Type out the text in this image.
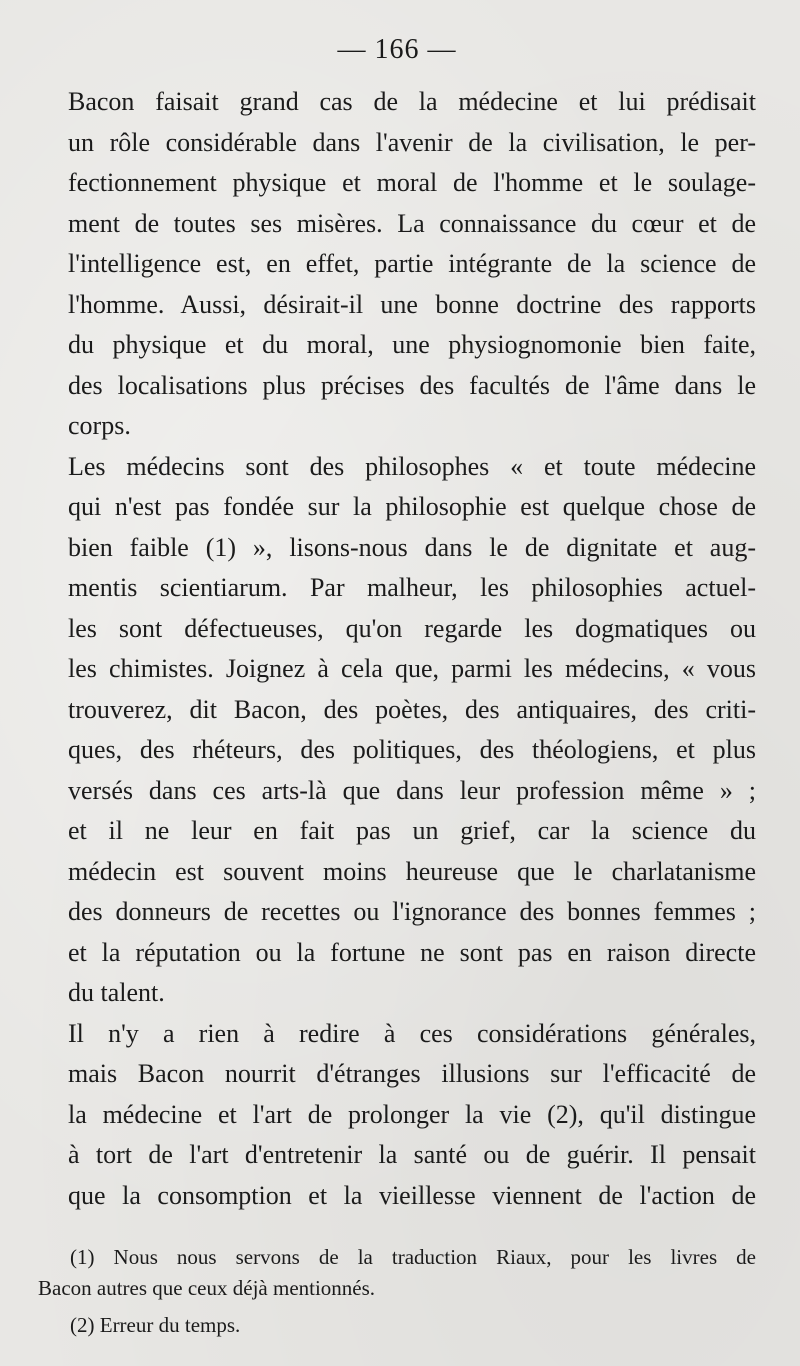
— 166 —

Bacon faisait grand cas de la médecine et lui prédisait
un rôle considérable dans l'avenir de la civilisation, le per-
fectionnement physique et moral de l'homme et le soulage-
ment de toutes ses misères. La connaissance du cœur et de
l'intelligence est, en effet, partie intégrante de la science de
l'homme. Aussi, désirait-il une bonne doctrine des rapports
du physique et du moral, une physiognomonie bien faite,
des localisations plus précises des facultés de l'âme dans le
corps.

Les médecins sont des philosophes « et toute médecine
qui n'est pas fondée sur la philosophie est quelque chose de
bien faible (1) », lisons-nous dans le de dignitate et aug-
mentis scientiarum. Par malheur, les philosophies actuel-
les sont défectueuses, qu'on regarde les dogmatiques ou
les chimistes. Joignez à cela que, parmi les médecins, « vous
trouverez, dit Bacon, des poètes, des antiquaires, des criti-
ques, des rhéteurs, des politiques, des théologiens, et plus
versés dans ces arts-là que dans leur profession même » ;
et il ne leur en fait pas un grief, car la science du
médecin est souvent moins heureuse que le charlatanisme
des donneurs de recettes ou l'ignorance des bonnes femmes ;
et la réputation ou la fortune ne sont pas en raison directe
du talent.

Il n'y a rien à redire à ces considérations générales,
mais Bacon nourrit d'étranges illusions sur l'efficacité de
la médecine et l'art de prolonger la vie (2), qu'il distingue
à tort de l'art d'entretenir la santé ou de guérir. Il pensait
que la consomption et la vieillesse viennent de l'action de

(1) Nous nous servons de la traduction Riaux, pour les livres de
Bacon autres que ceux déjà mentionnés.
(2) Erreur du temps.
